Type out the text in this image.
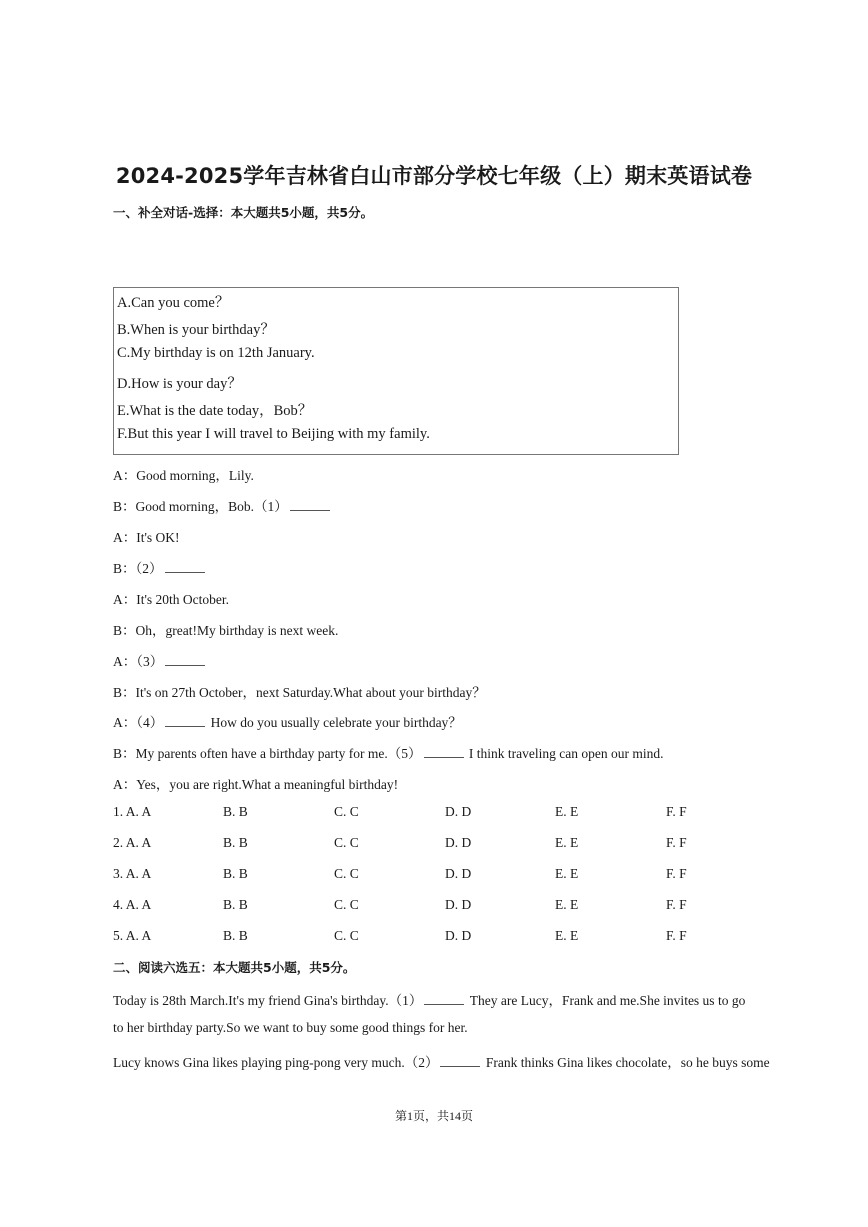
2024-2025学年吉林省白山市部分学校七年级（上）期末英语试卷
一、补全对话-选择：本大题共5小题，共5分。
A.Can you come？
B.When is your birthday？
C.My birthday is on 12th January.
D.How is your day？
E.What is the date today，Bob？
F.But this year I will travel to Beijing with my family.
A：Good morning，Lily.
B：Good morning，Bob.（1）
A：It's OK!
B：（2）
A：It's 20th October.
B：Oh，great!My birthday is next week.
A：（3）
B：It's on 27th October，next Saturday.What about your birthday？
A：（4）	How do you usually celebrate your birthday？
B：My parents often have a birthday party for me.（5）	I think traveling can open our mind.
A：Yes，you are right.What a meaningful birthday!
1. A. A	B. B	C. C	D. D	E. E	F. F
2. A. A	B. B	C. C	D. D	E. E	F. F
3. A. A	B. B	C. C	D. D	E. E	F. F
4. A. A	B. B	C. C	D. D	E. E	F. F
5. A. A	B. B	C. C	D. D	E. E	F. F
二、阅读六选五：本大题共5小题，共5分。
Today is 28th March.It's my friend Gina's birthday.（1）	They are Lucy，Frank and me.She invites us to go
to her birthday party.So we want to buy some good things for her.
Lucy knows Gina likes playing ping-pong very much.（2）	Frank thinks Gina likes chocolate，so he buys some
第1页，共14页
